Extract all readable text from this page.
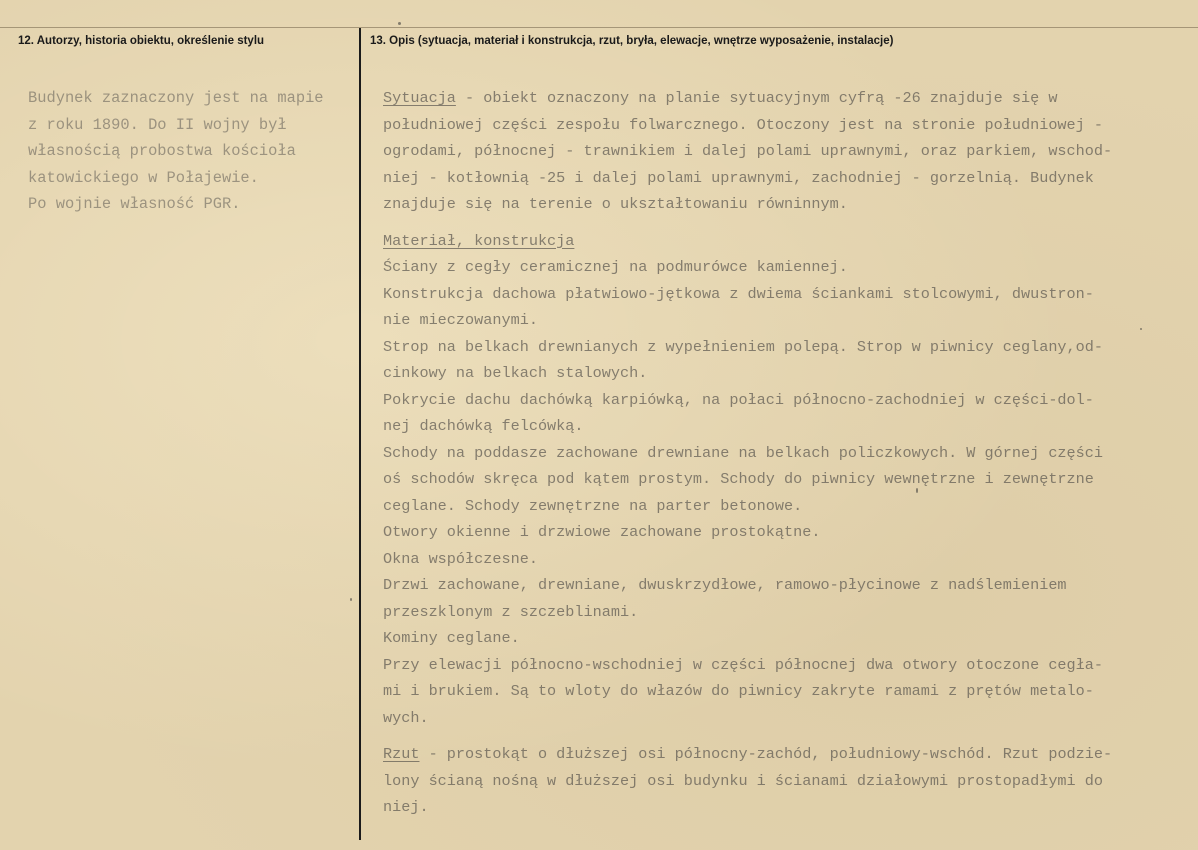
12. Autorzy, historia obiektu, określenie stylu	13. Opis (sytuacja, materiał i konstrukcja, rzut, bryła, elewacje, wnętrze wyposażenie, instalacje)
Budynek zaznaczony jest na mapie
z roku 1890. Do II wojny był
własnością probostwa kościoła
katowickiego w Połajewie.
Po wojnie własność PGR.
Sytuacja - obiekt oznaczony na planie sytuacyjnym cyfrą -26 znajduje się w
południowej części zespołu folwarcznego. Otoczony jest na stronie południowej -
ogrodami, północnej - trawnikiem i dalej polami uprawnymi, oraz parkiem, wschod-
niej - kotłownią -25 i dalej polami uprawnymi, zachodniej - gorzelnią. Budynek
znajduje się na terenie o ukształtowaniu równinnym.
Materiał, konstrukcja
Ściany z cegły ceramicznej na podmurówce kamiennej.
Konstrukcja dachowa płatwiowo-jętkowa z dwiema ściankami stolcowymi, dwustron-
nie mieczowanymi.
Strop na belkach drewnianych z wypełnieniem polepą. Strop w piwnicy ceglany,od-
cinkowy na belkach stalowych.
Pokrycie dachu dachówką karpiówką, na połaci północno-zachodniej w części-dol-
nej dachówką felcówką.
Schody na poddasze zachowane drewniane na belkach policzkowych. W górnej części
oś schodów skręca pod kątem prostym. Schody do piwnicy wewnętrzne i zewnętrzne
ceglane. Schody zewnętrzne na parter betonowe.
Otwory okienne i drzwiowe zachowane prostokątne.
Okna współczesne.
Drzwi zachowane, drewniane, dwuskrzydłowe, ramowo-płycinowe z nadślemieniem
przeszklonym z szczeblinami.
Kominy ceglane.
Przy elewacji północno-wschodniej w części północnej dwa otwory otoczone cegła-
mi i brukiem. Są to wloty do włazów do piwnicy zakryte ramami z prętów metalo-
wych.
Rzut - prostokąt o dłuższej osi północny-zachód, południowy-wschód. Rzut podzie-
lony ścianą nośną w dłuższej osi budynku i ścianami działowymi prostopadłymi do
niej.
